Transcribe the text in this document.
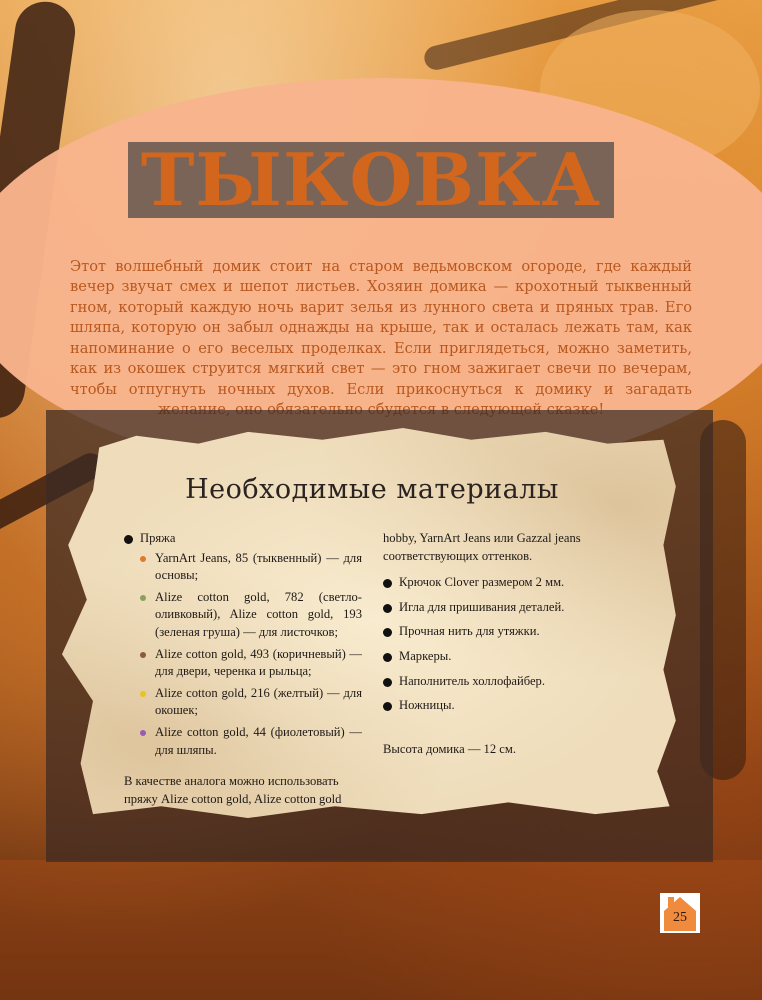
ТЫКОВКА

Этот волшебный домик стоит на старом ведьмовском огороде, где каждый вечер звучат смех и шепот листьев. Хозяин домика — крохотный тыквенный гном, который каждую ночь варит зелья из лунного света и пряных трав. Его шляпа, которую он забыл однажды на крыше, так и осталась лежать там, как напоминание о его веселых проделках. Если приглядеться, можно заметить, как из окошек струится мягкий свет — это гном зажигает свечи по вечерам, чтобы отпугнуть ночных духов. Если прикоснуться к домику и загадать

Необходимые материалы
Пряжа
YarnArt Jeans, 85 (тыквенный) — для основы;
Alize cotton gold, 782 (светло-оливковый), Alize cotton gold, 193 (зеленая груша) — для листочков;
Alize cotton gold, 493 (коричневый) — для двери, черенка и рыльца;
Alize cotton gold, 216 (желтый) — для окошек;
Alize cotton gold, 44 (фиолетовый) — для шляпы.
В качестве аналога можно использовать пряжу Alize cotton gold, Alize cotton gold
hobby, YarnArt Jeans или Gazzal jeans соответствующих оттенков.
Крючок Clover размером 2 мм.
Игла для пришивания деталей.
Прочная нить для утяжки.
Маркеры.
Наполнитель холлофайбер.
Ножницы.
Высота домика — 12 см.
25
